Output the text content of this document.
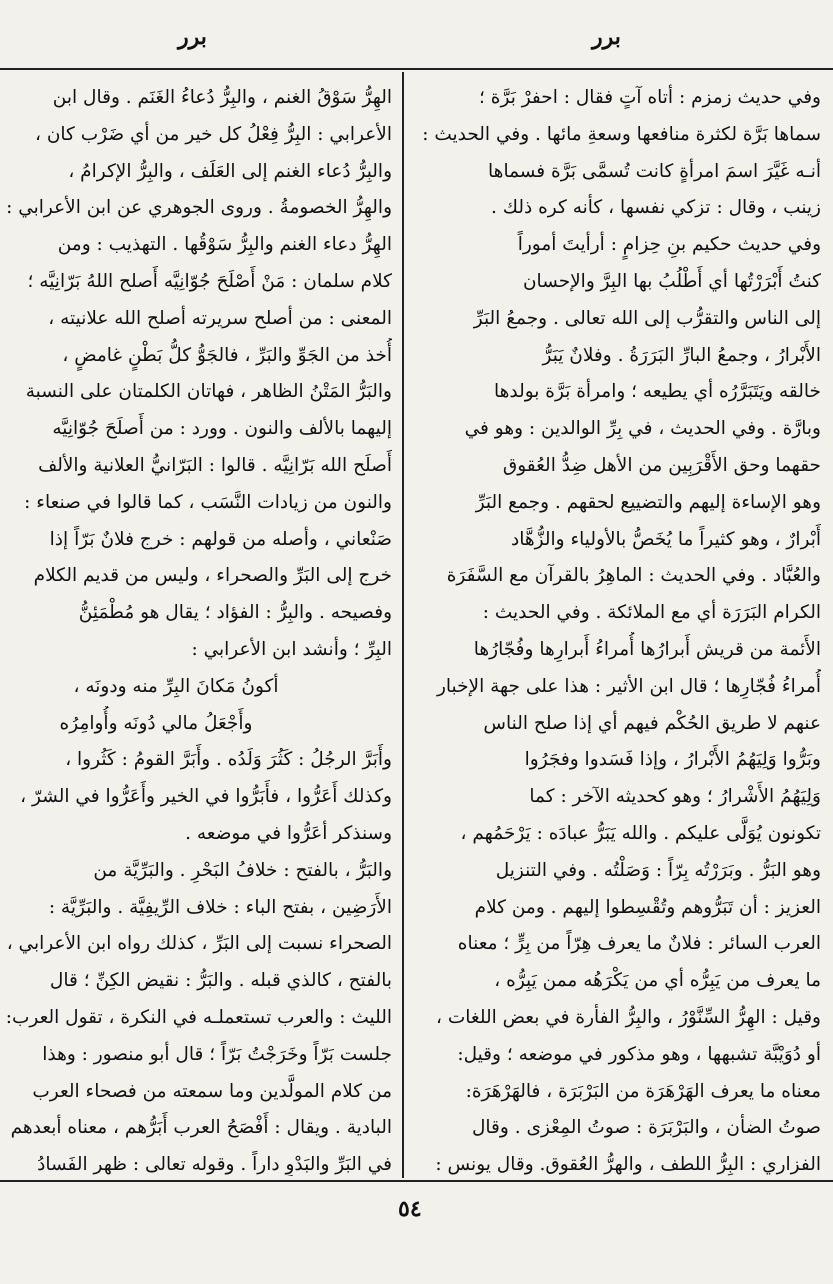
برر
برر
وفي حديث زمزم : أتاه آتٍ فقال : احفرْ بَرَّة ؛
سماها بَرَّة لكثرة منافعها وسعةِ مائها . وفي الحديث :
أنـه غَيَّرَ اسمَ امرأةٍ كانت تُسمَّى بَرَّة فسماها
زينب ، وقال : تزكي نفسها ، كأنه كره ذلك .
وفي حديث حكيم بنِ حِزامٍ : أرأيتَ أموراً
كنتُ أَبْرَرْتُها أي أَطْلُبُ بها البِرَّ والإحسان
إلى الناس والتقرُّب إلى الله تعالى . وجمعُ البَرِّ
الأَبْرارُ ، وجمعُ البارِّ البَرَرَةُ . وفلانٌ يَبَرُّ
خالقه ويَتَبَرَّرُه أي يطيعه ؛ وامرأة بَرَّة بولدها
وبارَّة . وفي الحديث ، في بِرِّ الوالدين : وهو في
حقهما وحق الأَقْرَبِين من الأهل ضِدُّ العُقوق
وهو الإساءة إليهم والتضييع لحقهم . وجمع البَرِّ
أَبْرارٌ ، وهو كثيراً ما يُخَصُّ بالأولياء والزُّهَّاد
والعُبَّاد . وفي الحديث : الماهِرُ بالقرآن مع السَّفَرَة
الكرام البَرَرَة أي مع الملائكة . وفي الحديث :
الأَئمة من قريش أَبرارُها أُمراءُ أَبرارِها وفُجّارُها
أُمراءُ فُجّارِها ؛ قال ابن الأثير : هذا على جهة الإخبار
عنهم لا طريق الحُكْم فيهم أي إذا صلح الناس
وبَرُّوا وَلِيَهُمُ الأَبْرارُ ، وإذا فَسَدوا وفجَرُوا
وَلِيَهُمُ الأَشْرارُ ؛ وهو كحديثه الآخر : كما
تكونون يُوَلَّى عليكم . والله يَبَرُّ عبادَه : يَرْحَمُهم ،
وهو البَرُّ . وبَرَرْتُه بِرّاً : وَصَلْتُه . وفي التنزيل
العزيز : أن تَبَرُّوهم وتُقْسِطوا إليهم . ومن كلام
العرب السائر : فلانٌ ما يعرف هِرّاً من بِرٍّ ؛ معناه
ما يعرف من يَبِرُّه أي من يَكْرَهُه ممن يَبِرُّه ،
وقيل : الهِرُّ السِّنَّوْرُ ، والبِرُّ الفأرة في بعض اللغات ،
أو دُوَيْبَّة تشبهها ، وهو مذكور في موضعه ؛ وقيل:
معناه ما يعرف الهَرْهَرَة من البَرْبَرَة ، فالهَرْهَرَة:
صوتُ الضأن ، والبَرْبَرَة : صوتُ المِعْزى . وقال
الفزاري : البِرُّ اللطف ، والهِرُّ العُقوق. وقال يونس :
الهِرُّ سَوْقُ الغنم ، والبِرُّ دُعاءُ الغَنَم . وقال ابن
الأعرابي : البِرُّ فِعْلُ كل خير من أي ضَرْب كان ،
والبِرُّ دُعاء الغنم إلى العَلَف ، والبِرُّ الإكرامُ ،
والهِرُّ الخصومةُ . وروى الجوهري عن ابن الأعرابي :
الهِرُّ دعاء الغنم والبِرُّ سَوْقُها . التهذيب : ومن
كلام سلمان : مَنْ أَصْلَحَ جُوّانِيَّه أَصلح اللهُ بَرّانِيَّه ؛
المعنى : من أصلح سريرته أصلح الله علانيته ،
أُخذ من الجَوِّ والبَرِّ ، فالجَوُّ كلُّ بَطْنٍ غامضٍ ،
والبَرُّ المَتْنُ الظاهر ، فهاتان الكلمتان على النسبة
إليهما بالألف والنون . وورد : من أَصلَحَ جُوّانِيَّه
أَصلَح الله بَرّانِيَّه . قالوا : البَرّانيُّ العلانية والألف
والنون من زيادات النَّسَب ، كما قالوا في صنعاء :
صَنْعاني ، وأصله من قولهم : خرج فلانٌ بَرّاً إذا
خرج إلى البَرِّ والصحراء ، وليس من قديم الكلام
وفصيحه . والبِرُّ : الفؤاد ؛ يقال هو مُطْمَئِنُّ
البِرِّ ؛ وأنشد ابن الأعرابي :
أكونُ مَكانَ البِرِّ منه ودونَه ،
وأَجْعَلُ مالي دُونَه وأُوامِرُه
وأَبَرَّ الرجُلُ : كَثُرَ وَلَدُه . وأَبَرَّ القومُ : كَثُروا ،
وكذلك أَعَرُّوا ، فأَبَرُّوا في الخير وأَعَرُّوا في الشرّ ،
وسنذكر أعَرُّوا في موضعه .
والبَرُّ ، بالفتح : خلافُ البَحْرِ . والبَرِّيَّة من
الأَرَضِين ، بفتح الباء : خلاف الرِّيفِيَّة . والبَرِّيَّة :
الصحراء نسبت إلى البَرِّ ، كذلك رواه ابن الأعرابي ،
بالفتح ، كالذي قبله . والبَرُّ : نقيض الكِنِّ ؛ قال
الليث : والعرب تستعملـه في النكرة ، تقول العرب:
جلست بَرّاً وخَرَجْتُ بَرّاً ؛ قال أبو منصور : وهذا
من كلام المولَّدين وما سمعته من فصحاء العرب
البادية . ويقال : أَفْصَحُ العرب أَبَرُّهم ، معناه أبعدهم
في البَرِّ والبَدْوِ داراً . وقوله تعالى : ظهر الفَسادُ
٥٤
